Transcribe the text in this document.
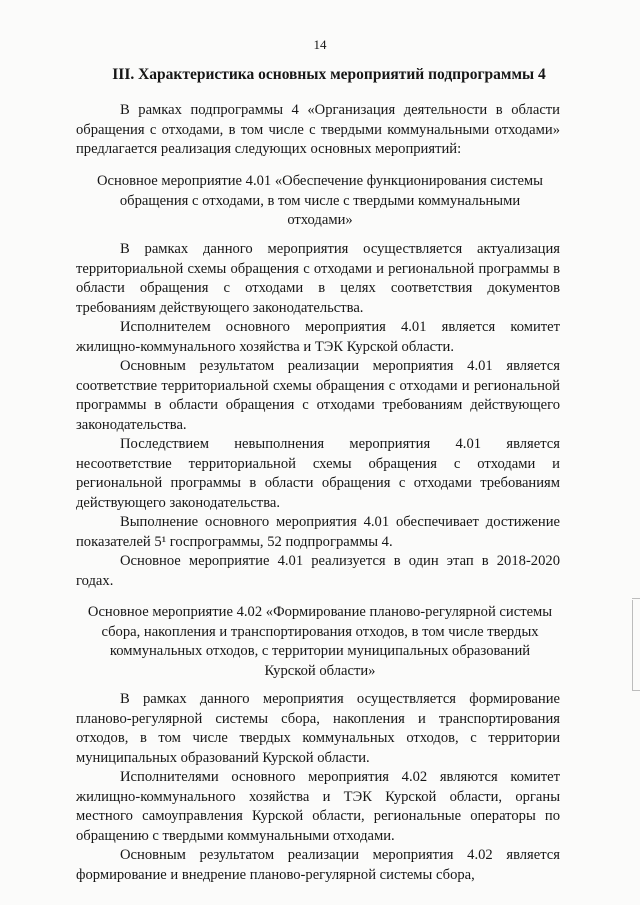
14
III. Характеристика основных мероприятий подпрограммы 4

В рамках подпрограммы 4 «Организация деятельности в области обращения с отходами, в том числе с твердыми коммунальными отходами» предлагается реализация следующих основных мероприятий:

Основное мероприятие 4.01 «Обеспечение функционирования системы
обращения с отходами, в том числе с твердыми коммунальными
отходами»

В рамках данного мероприятия осуществляется актуализация территориальной схемы обращения с отходами и региональной программы в области обращения с отходами в целях соответствия документов требованиям действующего законодательства.

Исполнителем основного мероприятия 4.01 является комитет жилищно-коммунального хозяйства и ТЭК Курской области.

Основным результатом реализации мероприятия 4.01 является соответствие территориальной схемы обращения с отходами и региональной программы в области обращения с отходами требованиям действующего законодательства.

Последствием невыполнения мероприятия 4.01 является несоответствие территориальной схемы обращения с отходами и региональной программы в области обращения с отходами требованиям действующего законодательства.

Выполнение основного мероприятия 4.01 обеспечивает достижение показателей 5¹ госпрограммы, 52 подпрограммы 4.

Основное мероприятие 4.01 реализуется в один этап в 2018-2020 годах.

Основное мероприятие 4.02 «Формирование планово-регулярной системы
сбора, накопления и транспортирования отходов, в том числе твердых
коммунальных отходов, с территории муниципальных образований
Курской области»

В рамках данного мероприятия осуществляется формирование планово-регулярной системы сбора, накопления и транспортирования отходов, в том числе твердых коммунальных отходов, с территории муниципальных образований Курской области.

Исполнителями основного мероприятия 4.02 являются комитет жилищно-коммунального хозяйства и ТЭК Курской области, органы местного самоуправления Курской области, региональные операторы по обращению с твердыми коммунальными отходами.

Основным результатом реализации мероприятия 4.02 является формирование и внедрение планово-регулярной системы сбора,
